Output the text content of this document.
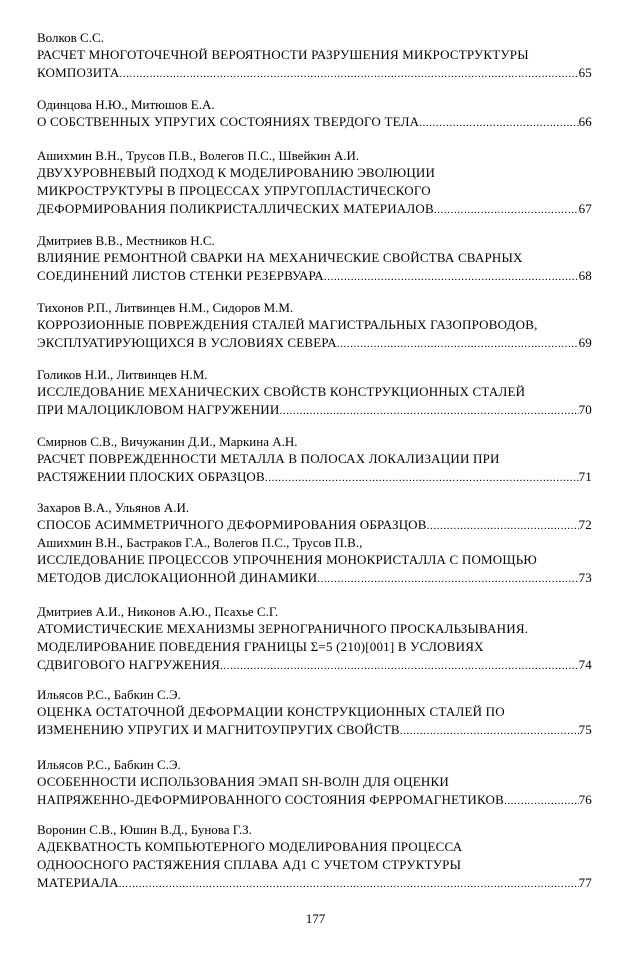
Волков С.С.
РАСЧЕТ МНОГОТОЧЕЧНОЙ ВЕРОЯТНОСТИ РАЗРУШЕНИЯ МИКРОСТРУКТУРЫ
КОМПОЗИТА .....	65
Одинцова Н.Ю., Митюшов Е.А.
О СОБСТВЕННЫХ УПРУГИХ СОСТОЯНИЯХ ТВЕРДОГО ТЕЛА .....	66
Ашихмин В.Н., Трусов П.В., Волегов П.С., Швейкин А.И.
ДВУХУРОВНЕВЫЙ ПОДХОД К МОДЕЛИРОВАНИЮ ЭВОЛЮЦИИ
МИКРОСТРУКТУРЫ В ПРОЦЕССАХ УПРУГОПЛАСТИЧЕСКОГО
ДЕФОРМИРОВАНИЯ ПОЛИКРИСТАЛЛИЧЕСКИХ МАТЕРИАЛОВ .....	67
Дмитриев В.В., Местников Н.С.
ВЛИЯНИЕ РЕМОНТНОЙ СВАРКИ НА МЕХАНИЧЕСКИЕ СВОЙСТВА СВАРНЫХ
СОЕДИНЕНИЙ ЛИСТОВ СТЕНКИ РЕЗЕРВУАРА .....	68
Тихонов Р.П., Литвинцев Н.М., Сидоров М.М.
КОРРОЗИОННЫЕ ПОВРЕЖДЕНИЯ СТАЛЕЙ МАГИСТРАЛЬНЫХ ГАЗОПРОВОДОВ,
ЭКСПЛУАТИРУЮЩИХСЯ В УСЛОВИЯХ СЕВЕРА .....	69
Голиков Н.И., Литвинцев Н.М.
ИССЛЕДОВАНИЕ МЕХАНИЧЕСКИХ СВОЙСТВ КОНСТРУКЦИОННЫХ СТАЛЕЙ
ПРИ МАЛОЦИКЛОВОМ НАГРУЖЕНИИ .....	70
Смирнов С.В., Вичужанин Д.И., Маркина А.Н.
РАСЧЕТ ПОВРЕЖДЕННОСТИ МЕТАЛЛА В ПОЛОСАХ ЛОКАЛИЗАЦИИ ПРИ
РАСТЯЖЕНИИ ПЛОСКИХ ОБРАЗЦОВ .....	71
Захаров В.А., Ульянов А.И.
СПОСОБ АСИММЕТРИЧНОГО ДЕФОРМИРОВАНИЯ ОБРАЗЦОВ .....	72
Ашихмин В.Н., Бастраков Г.А., Волегов П.С., Трусов П.В.,
ИССЛЕДОВАНИЕ ПРОЦЕССОВ УПРОЧНЕНИЯ МОНОКРИСТАЛЛА С ПОМОЩЬЮ
МЕТОДОВ ДИСЛОКАЦИОННОЙ ДИНАМИКИ .....	73
Дмитриев А.И., Никонов А.Ю., Псахье С.Г.
АТОМИСТИЧЕСКИЕ МЕХАНИЗМЫ ЗЕРНОГРАНИЧНОГО ПРОСКАЛЬЗЫВАНИЯ.
МОДЕЛИРОВАНИЕ ПОВЕДЕНИЯ ГРАНИЦЫ Σ=5 (210)[001] В УСЛОВИЯХ
СДВИГОВОГО НАГРУЖЕНИЯ .....	74
Ильясов Р.С., Бабкин С.Э.
ОЦЕНКА ОСТАТОЧНОЙ ДЕФОРМАЦИИ КОНСТРУКЦИОННЫХ СТАЛЕЙ ПО
ИЗМЕНЕНИЮ УПРУГИХ И МАГНИТОУПРУГИХ СВОЙСТВ .....	75
Ильясов Р.С., Бабкин С.Э.
ОСОБЕННОСТИ ИСПОЛЬЗОВАНИЯ ЭМАП SH-ВОЛН ДЛЯ ОЦЕНКИ
НАПРЯЖЕННО-ДЕФОРМИРОВАННОГО СОСТОЯНИЯ ФЕРРОМАГНЕТИКОВ .....	76
Воронин С.В., Юшин В.Д., Бунова Г.З.
АДЕКВАТНОСТЬ КОМПЬЮТЕРНОГО МОДЕЛИРОВАНИЯ ПРОЦЕССА
ОДНООСНОГО РАСТЯЖЕНИЯ СПЛАВА АД1 С УЧЕТОМ СТРУКТУРЫ
МАТЕРИАЛА .....	77
177
